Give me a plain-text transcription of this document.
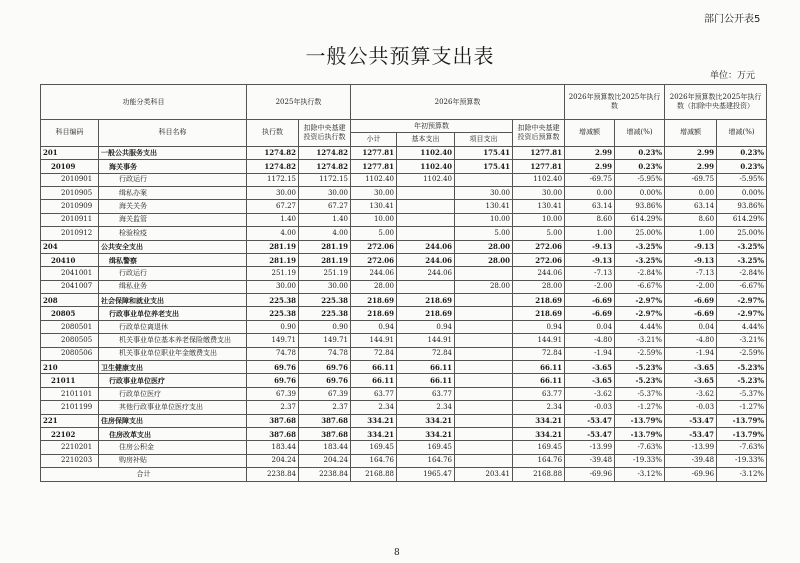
部门公开表5
一般公共预算支出表
单位：万元
功能分类科目		2025年执行数		2026年预算数				2026年预算数比2025年执行数		2026年预算数比2025年执行数（扣除中央基建投资）	

科目编码	科目名称	执行数	扣除中央基建投资后执行数	年初预算数			扣除中央基建投资后预算数	增减额	增减(%)	增减额	增减(%)
				小计	基本支出	项目支出					
201	一般公共服务支出	1274.82	1274.82	1277.81	1102.40	175.41	1277.81	2.99	0.23%	2.99	0.23%
20109	海关事务	1274.82	1274.82	1277.81	1102.40	175.41	1277.81	2.99	0.23%	2.99	0.23%
2010901	行政运行	1172.15	1172.15	1102.40	1102.40		1102.40	-69.75	-5.95%	-69.75	-5.95%
2010905	缉私办案	30.00	30.00	30.00		30.00	30.00	0.00	0.00%	0.00	0.00%
2010909	海关关务	67.27	67.27	130.41		130.41	130.41	63.14	93.86%	63.14	93.86%
2010911	海关监管	1.40	1.40	10.00		10.00	10.00	8.60	614.29%	8.60	614.29%
2010912	检验检疫	4.00	4.00	5.00		5.00	5.00	1.00	25.00%	1.00	25.00%
204	公共安全支出	281.19	281.19	272.06	244.06	28.00	272.06	-9.13	-3.25%	-9.13	-3.25%
20410	缉私警察	281.19	281.19	272.06	244.06	28.00	272.06	-9.13	-3.25%	-9.13	-3.25%
2041001	行政运行	251.19	251.19	244.06	244.06		244.06	-7.13	-2.84%	-7.13	-2.84%
2041007	缉私业务	30.00	30.00	28.00		28.00	28.00	-2.00	-6.67%	-2.00	-6.67%
208	社会保障和就业支出	225.38	225.38	218.69	218.69		218.69	-6.69	-2.97%	-6.69	-2.97%
20805	行政事业单位养老支出	225.38	225.38	218.69	218.69		218.69	-6.69	-2.97%	-6.69	-2.97%
2080501	行政单位离退休	0.90	0.90	0.94	0.94		0.94	0.04	4.44%	0.04	4.44%
2080505	机关事业单位基本养老保险缴费支出	149.71	149.71	144.91	144.91		144.91	-4.80	-3.21%	-4.80	-3.21%
2080506	机关事业单位职业年金缴费支出	74.78	74.78	72.84	72.84		72.84	-1.94	-2.59%	-1.94	-2.59%
210	卫生健康支出	69.76	69.76	66.11	66.11		66.11	-3.65	-5.23%	-3.65	-5.23%
21011	行政事业单位医疗	69.76	69.76	66.11	66.11		66.11	-3.65	-5.23%	-3.65	-5.23%
2101101	行政单位医疗	67.39	67.39	63.77	63.77		63.77	-3.62	-5.37%	-3.62	-5.37%
2101199	其他行政事业单位医疗支出	2.37	2.37	2.34	2.34		2.34	-0.03	-1.27%	-0.03	-1.27%
221	住房保障支出	387.68	387.68	334.21	334.21		334.21	-53.47	-13.79%	-53.47	-13.79%
22102	住房改革支出	387.68	387.68	334.21	334.21		334.21	-53.47	-13.79%	-53.47	-13.79%
2210201	住房公积金	183.44	183.44	169.45	169.45		169.45	-13.99	-7.63%	-13.99	-7.63%
2210203	购房补贴	204.24	204.24	164.76	164.76		164.76	-39.48	-19.33%	-39.48	-19.33%
合计		2238.84	2238.84	2168.88	1965.47	203.41	2168.88	-69.96	-3.12%	-69.96	-3.12%
8
